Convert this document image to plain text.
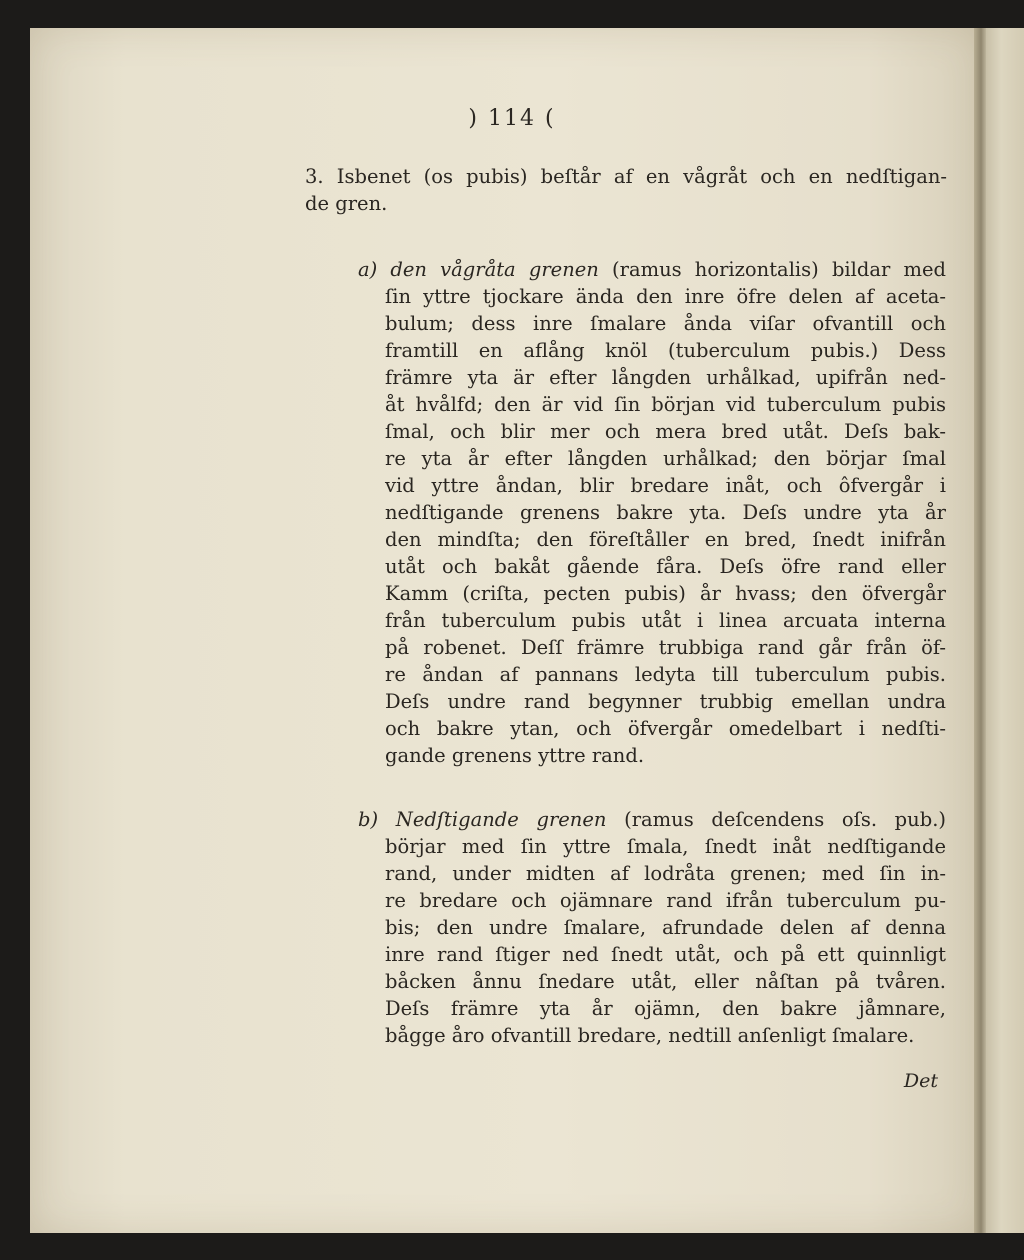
) 114 (
3. Isbenet (os pubis) beſtår af en vågråt och en nedſtigan-
de gren.
a) den vågråta grenen (ramus horizontalis) bildar med
ſin yttre tjockare ända den inre öfre delen af aceta-
bulum; dess inre ſmalare ånda viſar ofvantill och
framtill en aflång knöl (tuberculum pubis.) Dess
främre yta är efter långden urhålkad, upifrån ned-
åt hvålfd; den är vid ſin början vid tuberculum pubis
ſmal, och blir mer och mera bred utåt. Deſs bak-
re yta år efter långden urhålkad; den börjar ſmal
vid yttre åndan, blir bredare inåt, och ôfvergår i
nedſtigande grenens bakre yta. Deſs undre yta år
den mindſta; den föreſtåller en bred, ſnedt inifrån
utåt och bakåt gående fåra. Deſs öfre rand eller
Kamm (criſta, pecten pubis) år hvass; den öfvergår
från tuberculum pubis utåt i linea arcuata interna
på robenet. Deſſ främre trubbiga rand går från öf-
re åndan af pannans ledyta till tuberculum pubis.
Deſs undre rand begynner trubbig emellan undra
och bakre ytan, och öfvergår omedelbart i nedſti-
gande grenens yttre rand.
b) Nedſtigande grenen (ramus deſcendens oſs. pub.)
börjar med ſin yttre ſmala, ſnedt inåt nedſtigande
rand, under midten af lodråta grenen; med ſin in-
re bredare och ojämnare rand ifrån tuberculum pu-
bis; den undre ſmalare, afrundade delen af denna
inre rand ſtiger ned ſnedt utåt, och på ett quinnligt
båcken ånnu ſnedare utåt, eller nåſtan på tvåren.
Deſs främre yta år ojämn, den bakre jåmnare,
bågge åro ofvantill bredare, nedtill anſenligt ſmalare.
Det
